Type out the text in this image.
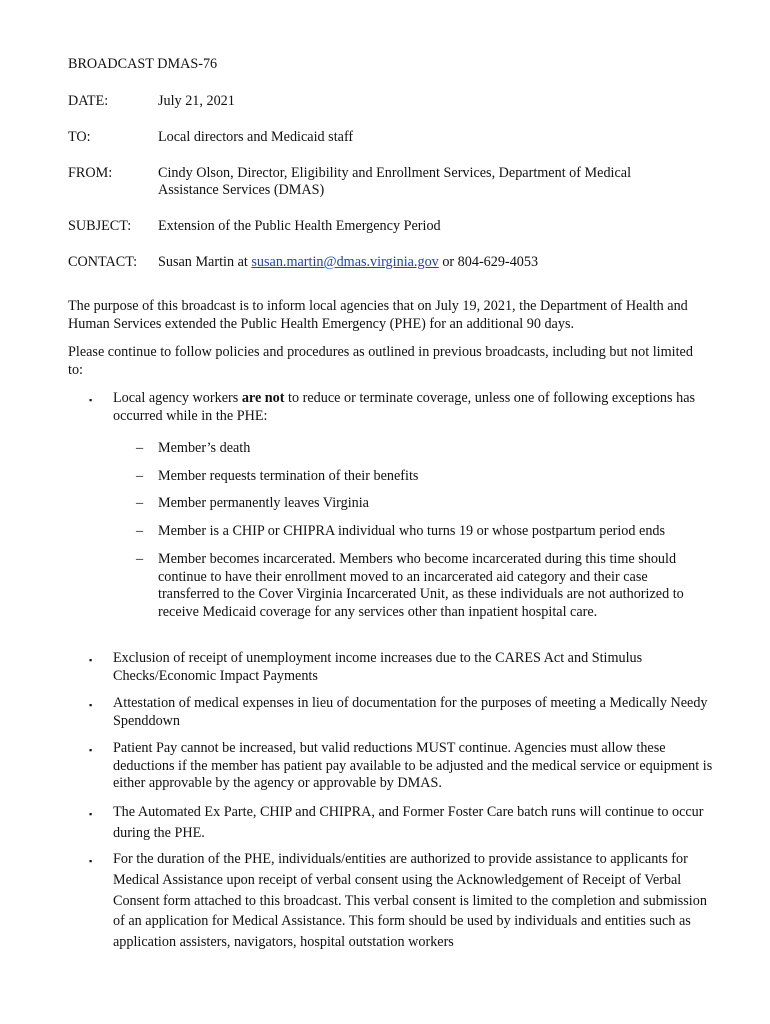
BROADCAST DMAS-76
DATE:	July 21, 2021
TO:	Local directors and Medicaid staff
FROM:	Cindy Olson, Director, Eligibility and Enrollment Services, Department of Medical
Assistance Services (DMAS)
SUBJECT: Extension of the Public Health Emergency Period
CONTACT: Susan Martin at susan.martin@dmas.virginia.gov or 804-629-4053
The purpose of this broadcast is to inform local agencies that on July 19, 2021, the Department of Health and Human Services extended the Public Health Emergency (PHE) for an additional 90 days.
Please continue to follow policies and procedures as outlined in previous broadcasts, including but not limited to:
▪ Local agency workers are not to reduce or terminate coverage, unless one of following exceptions has occurred while in the PHE:
– Member’s death
– Member requests termination of their benefits
– Member permanently leaves Virginia
– Member is a CHIP or CHIPRA individual who turns 19 or whose postpartum period ends
– Member becomes incarcerated. Members who become incarcerated during this time should continue to have their enrollment moved to an incarcerated aid category and their case transferred to the Cover Virginia Incarcerated Unit, as these individuals are not authorized to receive Medicaid coverage for any services other than inpatient hospital care.
▪ Exclusion of receipt of unemployment income increases due to the CARES Act and Stimulus Checks/Economic Impact Payments
▪ Attestation of medical expenses in lieu of documentation for the purposes of meeting a Medically Needy Spenddown
▪ Patient Pay cannot be increased, but valid reductions MUST continue. Agencies must allow these deductions if the member has patient pay available to be adjusted and the medical service or equipment is either approvable by the agency or approvable by DMAS.
▪ The Automated Ex Parte, CHIP and CHIPRA, and Former Foster Care batch runs will continue to occur during the PHE.
▪ For the duration of the PHE, individuals/entities are authorized to provide assistance to applicants for Medical Assistance upon receipt of verbal consent using the Acknowledgement of Receipt of Verbal Consent form attached to this broadcast. This verbal consent is limited to the completion and submission of an application for Medical Assistance. This form should be used by individuals and entities such as application assisters, navigators, hospital outstation workers
